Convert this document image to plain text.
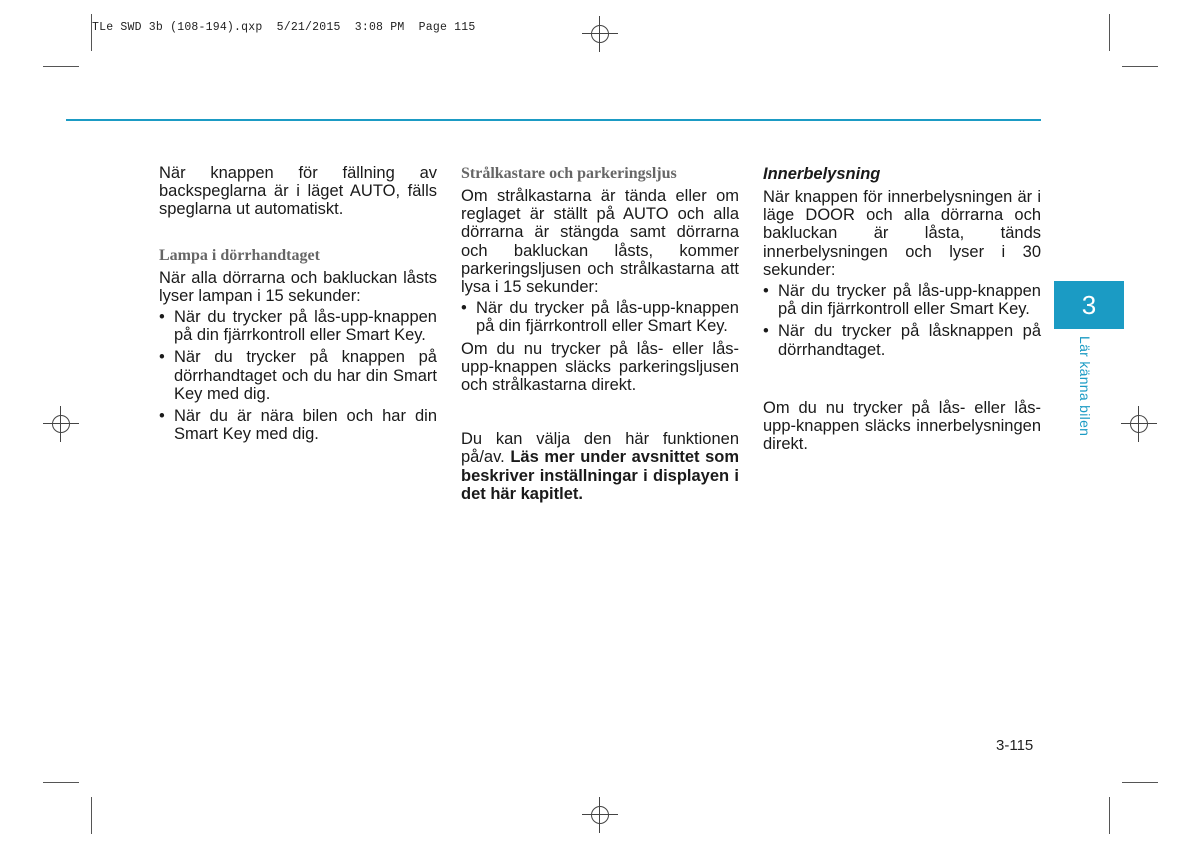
TLe SWD 3b (108-194).qxp  5/21/2015  3:08 PM  Page 115

När knappen för fällning av backspeglarna är i läget AUTO, fälls speglarna ut automatiskt.

Lampa i dörrhandtaget

När alla dörrarna och bakluckan låsts lyser lampan i 15 sekunder:

• När du trycker på lås-upp-knappen på din fjärrkontroll eller Smart Key.
• När du trycker på knappen på dörrhandtaget och du har din Smart Key med dig.
• När du är nära bilen och har din Smart Key med dig.
Strålkastare och parkeringsljus

Om strålkastarna är tända eller om reglaget är ställt på AUTO och alla dörrarna är stängda samt dörrarna och bakluckan låsts, kommer parkeringsljusen och strålkastarna att lysa i 15 sekunder:

• När du trycker på lås-upp-knappen på din fjärrkontroll eller Smart Key.

Om du nu trycker på lås- eller lås-upp-knappen släcks parkeringsljusen och strålkastarna direkt.

Du kan välja den här funktionen på/av. Läs mer under avsnittet som beskriver inställningar i displayen i det här kapitlet.

Innerbelysning

När knappen för innerbelysningen är i läge DOOR och alla dörrarna och bakluckan är låsta, tänds innerbelysningen och lyser i 30 sekunder:

• När du trycker på lås-upp-knappen på din fjärrkontroll eller Smart Key.
• När du trycker på låsknappen på dörrhandtaget.

Om du nu trycker på lås- eller lås-upp-knappen släcks innerbelysningen direkt.

3
Lär känna bilen
3-115
